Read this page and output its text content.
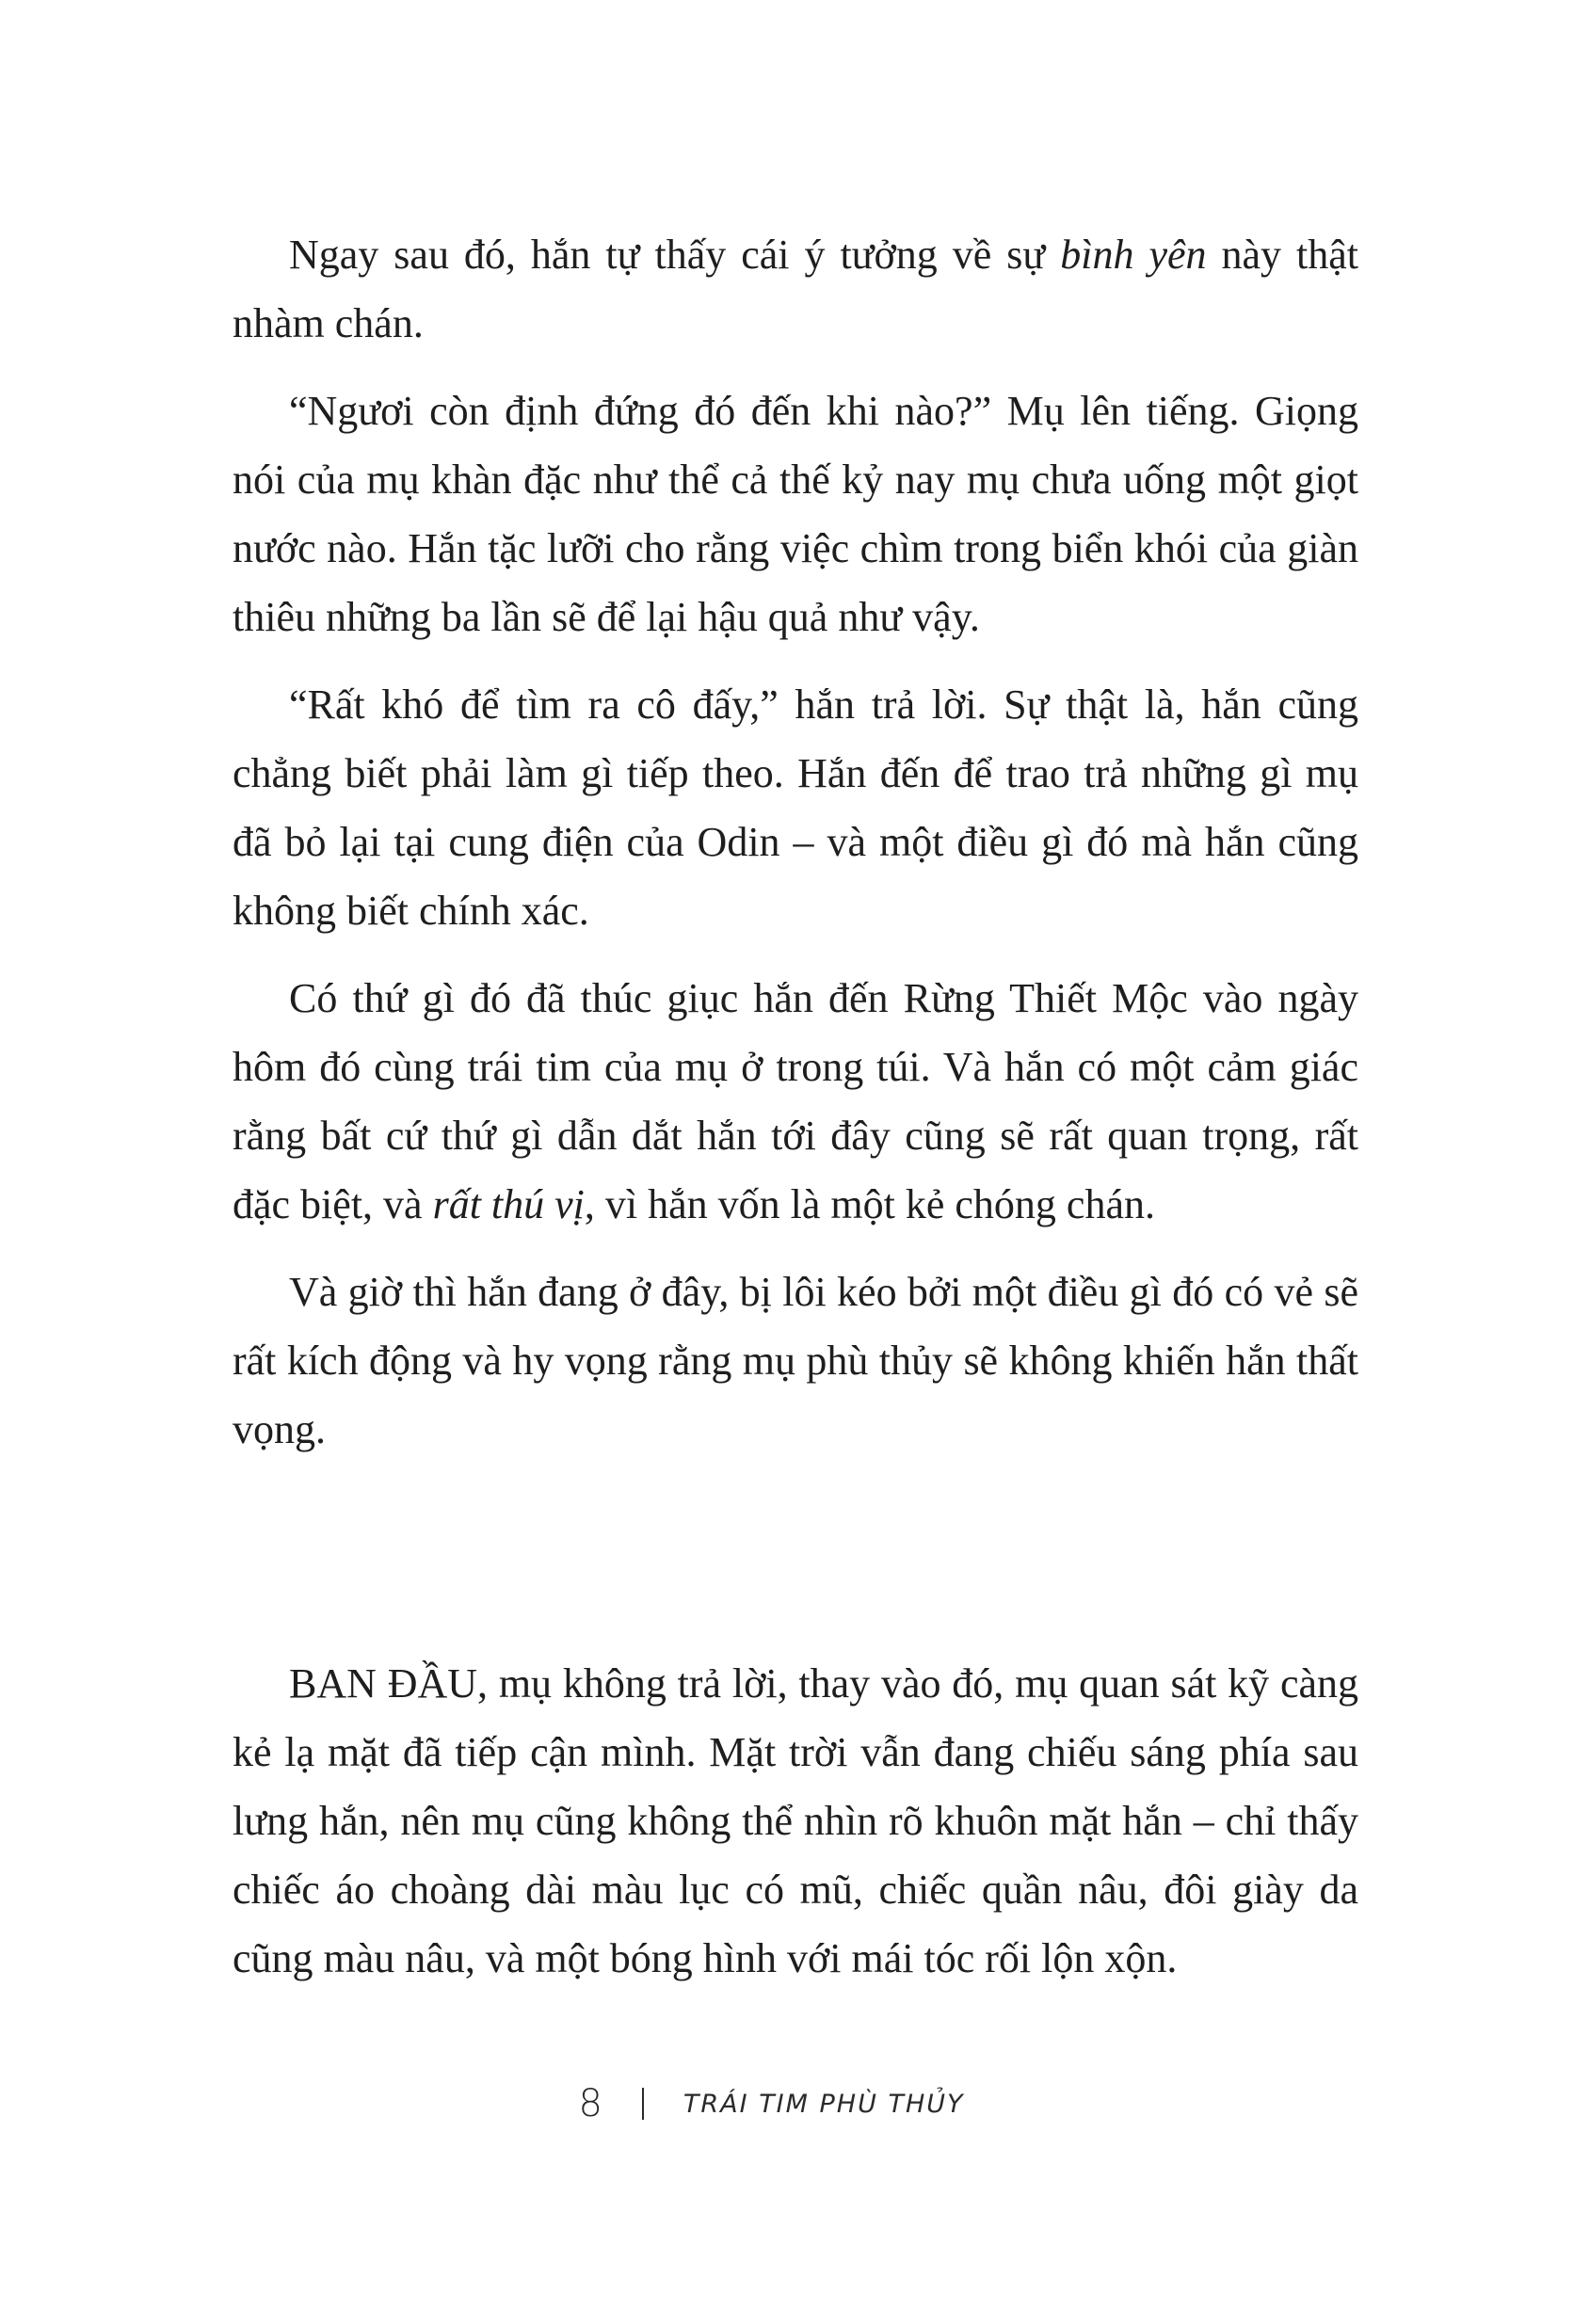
Ngay sau đó, hắn tự thấy cái ý tưởng về sự bình yên này thật nhàm chán.

“Ngươi còn định đứng đó đến khi nào?” Mụ lên tiếng. Giọng nói của mụ khàn đặc như thể cả thế kỷ nay mụ chưa uống một giọt nước nào. Hắn tặc lưỡi cho rằng việc chìm trong biển khói của giàn thiêu những ba lần sẽ để lại hậu quả như vậy.

“Rất khó để tìm ra cô đấy,” hắn trả lời. Sự thật là, hắn cũng chẳng biết phải làm gì tiếp theo. Hắn đến để trao trả những gì mụ đã bỏ lại tại cung điện của Odin – và một điều gì đó mà hắn cũng không biết chính xác.

Có thứ gì đó đã thúc giục hắn đến Rừng Thiết Mộc vào ngày hôm đó cùng trái tim của mụ ở trong túi. Và hắn có một cảm giác rằng bất cứ thứ gì dẫn dắt hắn tới đây cũng sẽ rất quan trọng, rất đặc biệt, và rất thú vị, vì hắn vốn là một kẻ chóng chán.

Và giờ thì hắn đang ở đây, bị lôi kéo bởi một điều gì đó có vẻ sẽ rất kích động và hy vọng rằng mụ phù thủy sẽ không khiến hắn thất vọng.

BAN ĐẦU, mụ không trả lời, thay vào đó, mụ quan sát kỹ càng kẻ lạ mặt đã tiếp cận mình. Mặt trời vẫn đang chiếu sáng phía sau lưng hắn, nên mụ cũng không thể nhìn rõ khuôn mặt hắn – chỉ thấy chiếc áo choàng dài màu lục có mũ, chiếc quần nâu, đôi giày da cũng màu nâu, và một bóng hình với mái tóc rối lộn xộn.

8	TRÁI TIM PHÙ THỦY
